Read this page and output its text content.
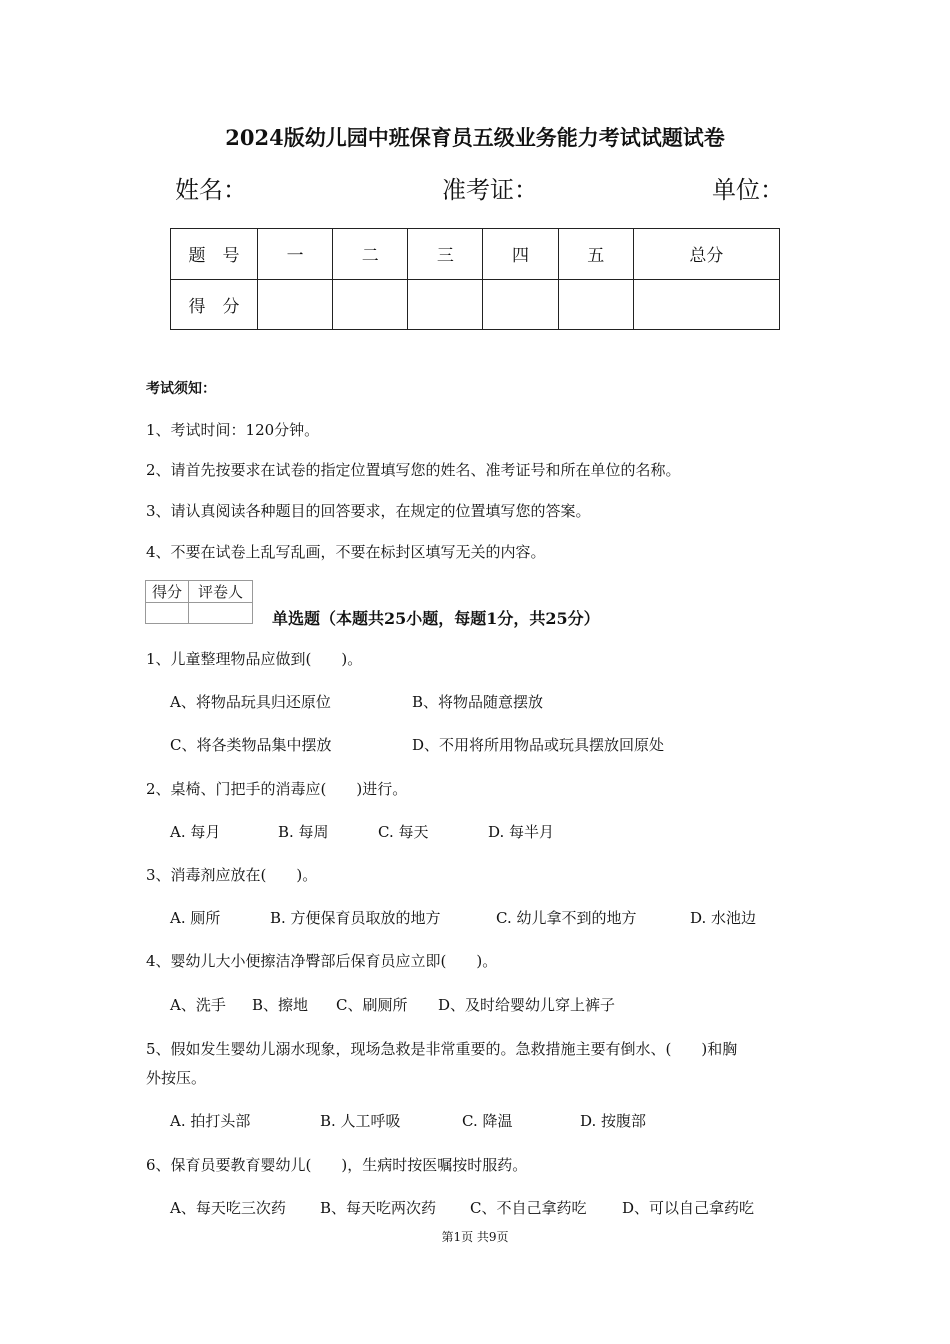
2024版幼儿园中班保育员五级业务能力考试试题试卷
姓名：	准考证：	单位：
题　号	一	二	三	四	五	总分
得　分						
考试须知：
1、考试时间：120分钟。
2、请首先按要求在试卷的指定位置填写您的姓名、准考证号和所在单位的名称。
3、请认真阅读各种题目的回答要求，在规定的位置填写您的答案。
4、不要在试卷上乱写乱画，不要在标封区填写无关的内容。
得分	评卷人

单选题（本题共25小题，每题1分，共25分）
1、儿童整理物品应做到(　　)。
A、将物品玩具归还原位	B、将物品随意摆放
C、将各类物品集中摆放	D、不用将所用物品或玩具摆放回原处
2、桌椅、门把手的消毒应(　　)进行。
A. 每月	B. 每周	C. 每天	D. 每半月
3、消毒剂应放在(　　)。
A. 厕所	B. 方便保育员取放的地方	C. 幼儿拿不到的地方	D. 水池边
4、婴幼儿大小便擦洁净臀部后保育员应立即(　　)。
A、洗手 B、擦地 C、刷厕所 D、及时给婴幼儿穿上裤子
5、假如发生婴幼儿溺水现象，现场急救是非常重要的。急救措施主要有倒水、(　　)和胸
外按压。
A. 拍打头部	B. 人工呼吸	C. 降温	D. 按腹部
6、保育员要教育婴幼儿(　　)，生病时按医嘱按时服药。
A、每天吃三次药 B、每天吃两次药 C、不自己拿药吃 D、可以自己拿药吃
第1页 共9页
